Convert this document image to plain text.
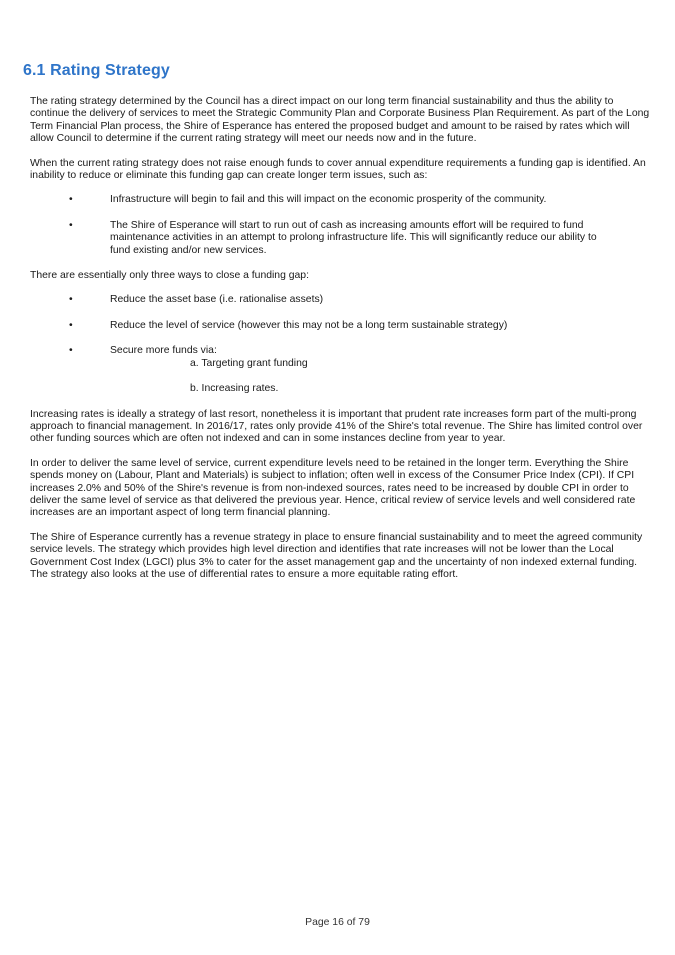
6.1 Rating Strategy

The rating strategy determined by the Council has a direct impact on our long term financial sustainability and thus the ability to continue the delivery of services to meet the Strategic Community Plan and Corporate Business Plan Requirement. As part of the Long Term Financial Plan process, the Shire of Esperance has entered the proposed budget and amount to be raised by rates which will allow Council to determine if the current rating strategy will meet our needs now and in the future.

When the current rating strategy does not raise enough funds to cover annual expenditure requirements a funding gap is identified. An inability to reduce or eliminate this funding gap can create longer term issues, such as:

•	Infrastructure will begin to fail and this will impact on the economic prosperity of the community.
•	The Shire of Esperance will start to run out of cash as increasing amounts effort will be required to fund maintenance activities in an attempt to prolong infrastructure life. This will significantly reduce our ability to fund existing and/or new services.

There are essentially only three ways to close a funding gap:

•	Reduce the asset base (i.e. rationalise assets)
•	Reduce the level of service (however this may not be a long term sustainable strategy)
•	Secure more funds via:
a. Targeting grant funding
b. Increasing rates.

Increasing rates is ideally a strategy of last resort, nonetheless it is important that prudent rate increases form part of the multi-prong approach to financial management. In 2016/17, rates only provide 41% of the Shire's total revenue. The Shire has limited control over other funding sources which are often not indexed and can in some instances decline from year to year.

In order to deliver the same level of service, current expenditure levels need to be retained in the longer term. Everything the Shire spends money on (Labour, Plant and Materials) is subject to inflation; often well in excess of the Consumer Price Index (CPI). If CPI increases 2.0% and 50% of the Shire's revenue is from non-indexed sources, rates need to be increased by double CPI in order to deliver the same level of service as that delivered the previous year. Hence, critical review of service levels and well considered rate increases are an important aspect of long term financial planning.

The Shire of Esperance currently has a revenue strategy in place to ensure financial sustainability and to meet the agreed community service levels. The strategy which provides high level direction and identifies that rate increases will not be lower than the Local Government Cost Index (LGCI) plus 3% to cater for the asset management gap and the uncertainty of non indexed external funding. The strategy also looks at the use of differential rates to ensure a more equitable rating effort.

Page 16 of 79
